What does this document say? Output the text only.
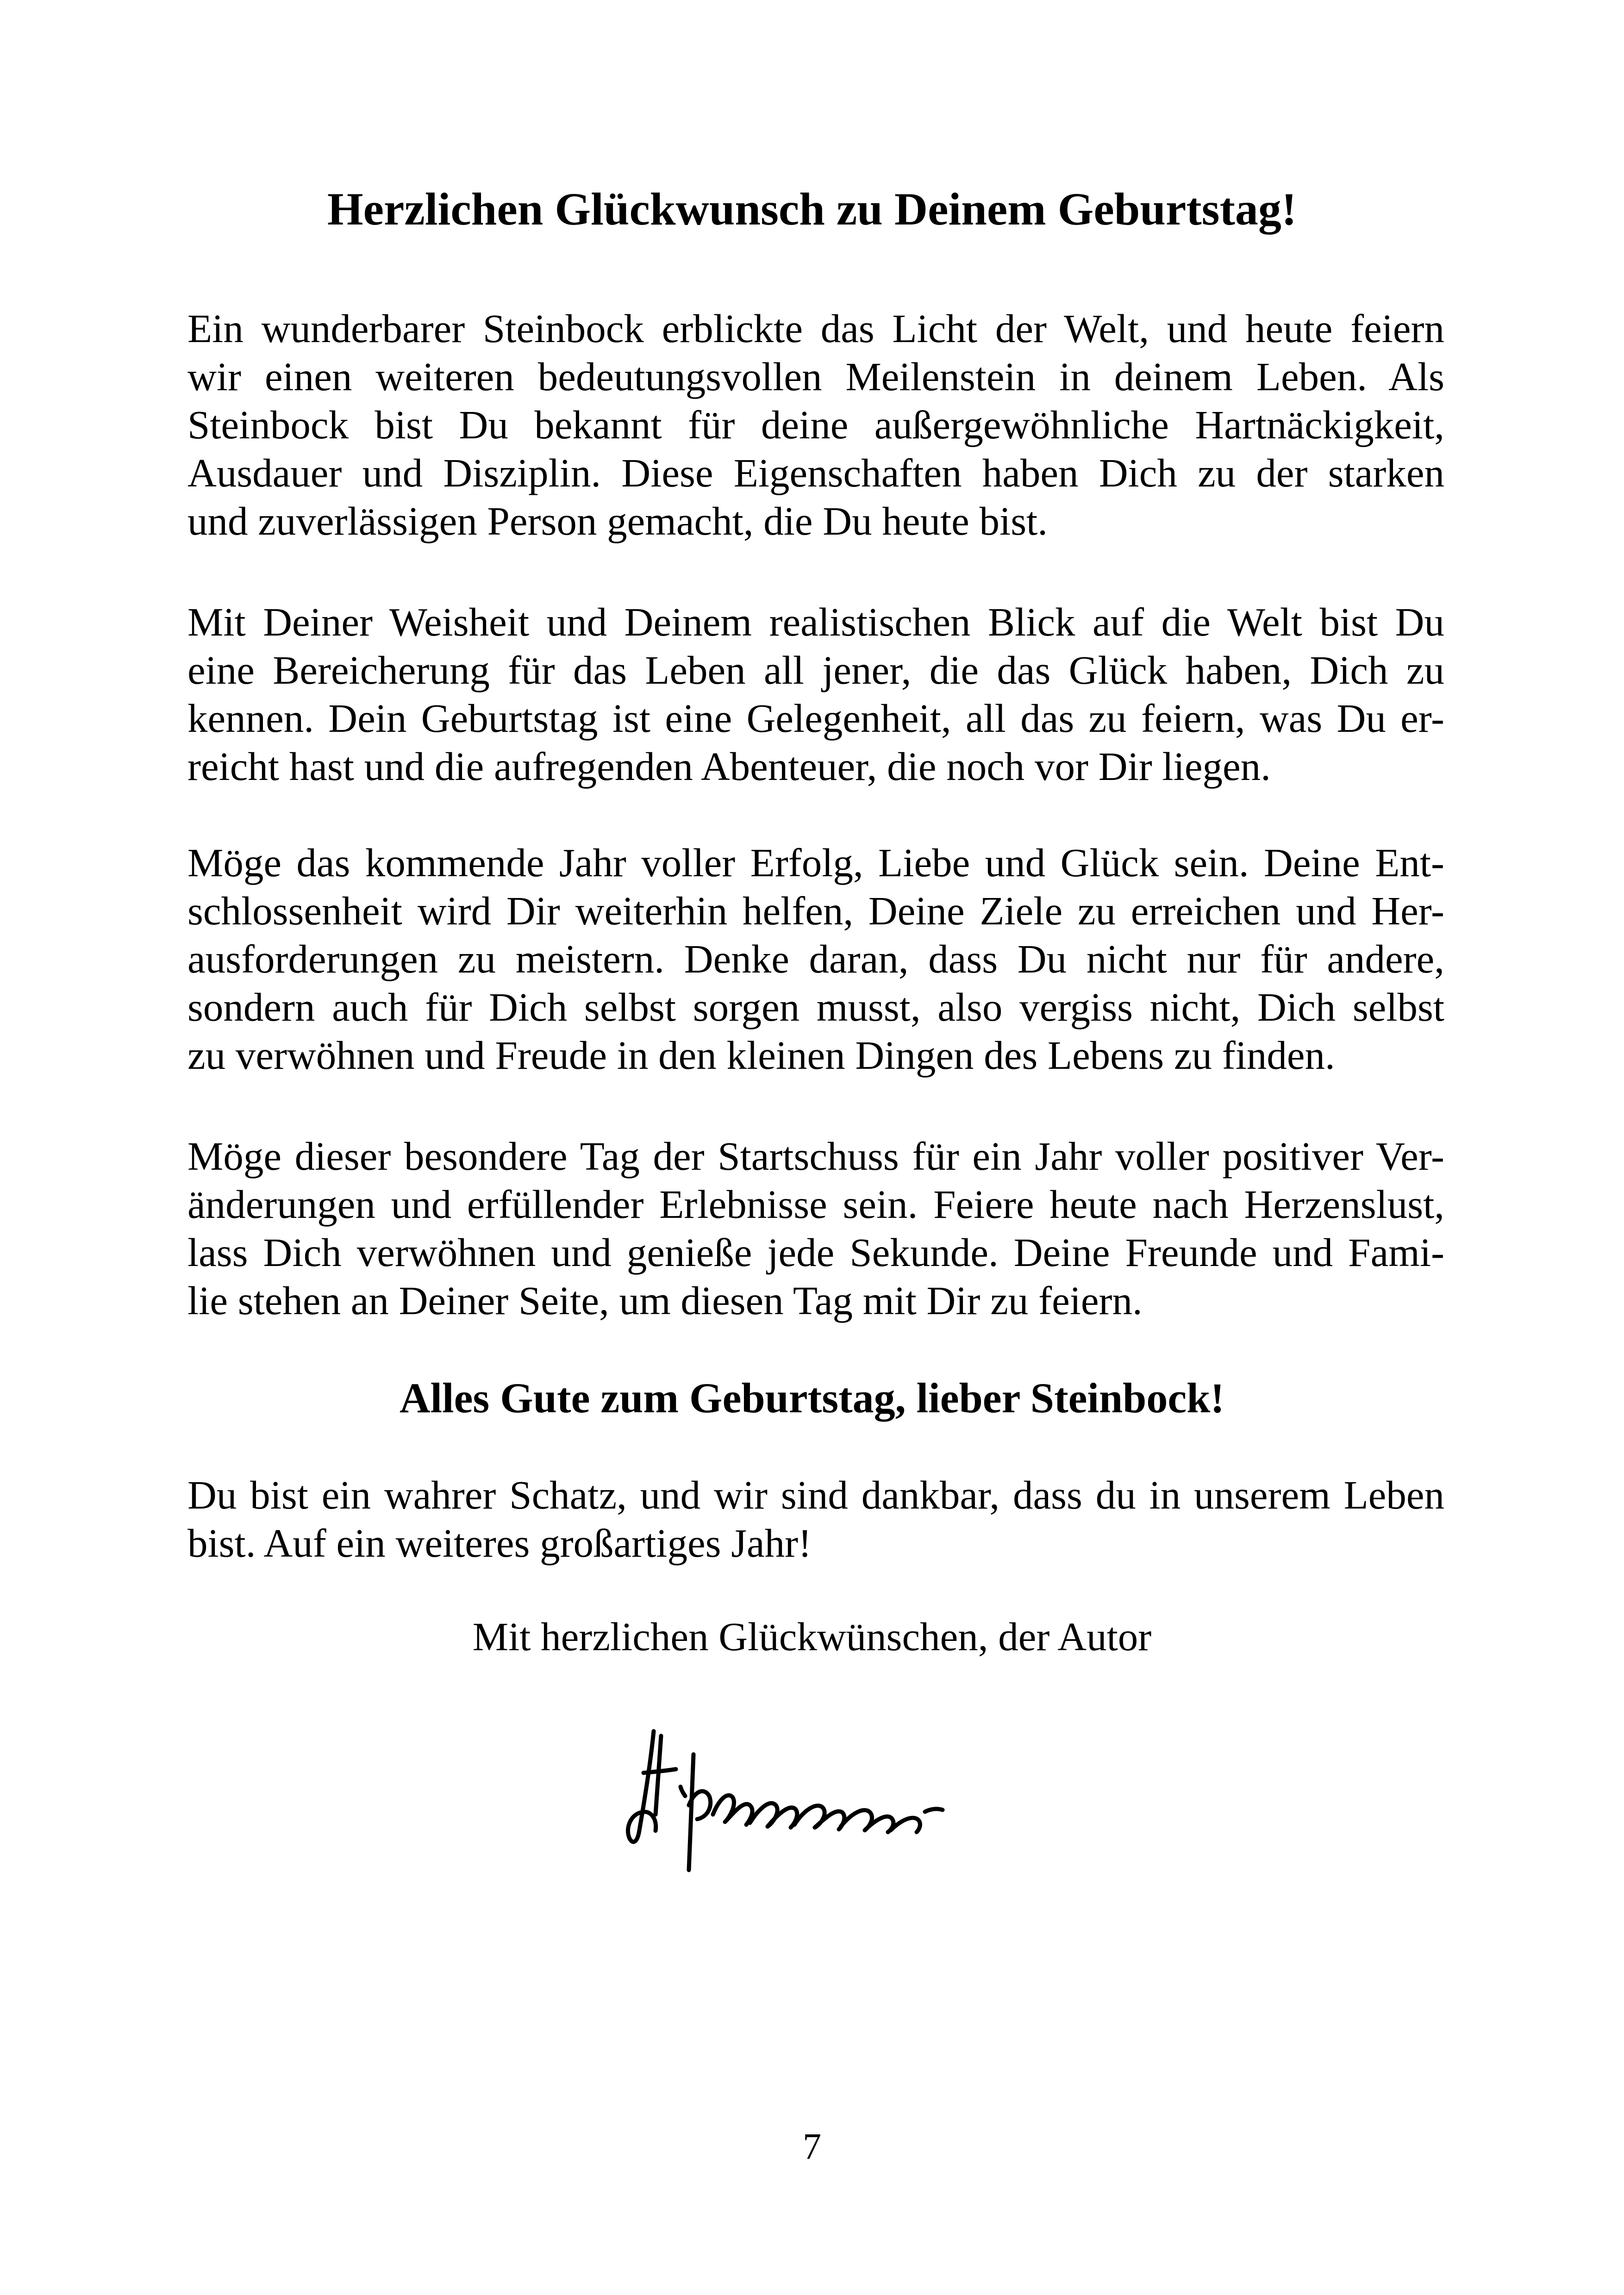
Herzlichen Glückwunsch zu Deinem Geburtstag!

Ein wunderbarer Steinbock erblickte das Licht der Welt, und heute feiern
wir einen weiteren bedeutungsvollen Meilenstein in deinem Leben. Als
Steinbock bist Du bekannt für deine außergewöhnliche Hartnäckigkeit,
Ausdauer und Disziplin. Diese Eigenschaften haben Dich zu der starken
und zuverlässigen Person gemacht, die Du heute bist.

Mit Deiner Weisheit und Deinem realistischen Blick auf die Welt bist Du
eine Bereicherung für das Leben all jener, die das Glück haben, Dich zu
kennen. Dein Geburtstag ist eine Gelegenheit, all das zu feiern, was Du er-
reicht hast und die aufregenden Abenteuer, die noch vor Dir liegen.

Möge das kommende Jahr voller Erfolg, Liebe und Glück sein. Deine Ent-
schlossenheit wird Dir weiterhin helfen, Deine Ziele zu erreichen und Her-
ausforderungen zu meistern. Denke daran, dass Du nicht nur für andere,
sondern auch für Dich selbst sorgen musst, also vergiss nicht, Dich selbst
zu verwöhnen und Freude in den kleinen Dingen des Lebens zu finden.

Möge dieser besondere Tag der Startschuss für ein Jahr voller positiver Ver-
änderungen und erfüllender Erlebnisse sein. Feiere heute nach Herzenslust,
lass Dich verwöhnen und genieße jede Sekunde. Deine Freunde und Fami-
lie stehen an Deiner Seite, um diesen Tag mit Dir zu feiern.

Alles Gute zum Geburtstag, lieber Steinbock!

Du bist ein wahrer Schatz, und wir sind dankbar, dass du in unserem Leben
bist. Auf ein weiteres großartiges Jahr!

Mit herzlichen Glückwünschen, der Autor

7
